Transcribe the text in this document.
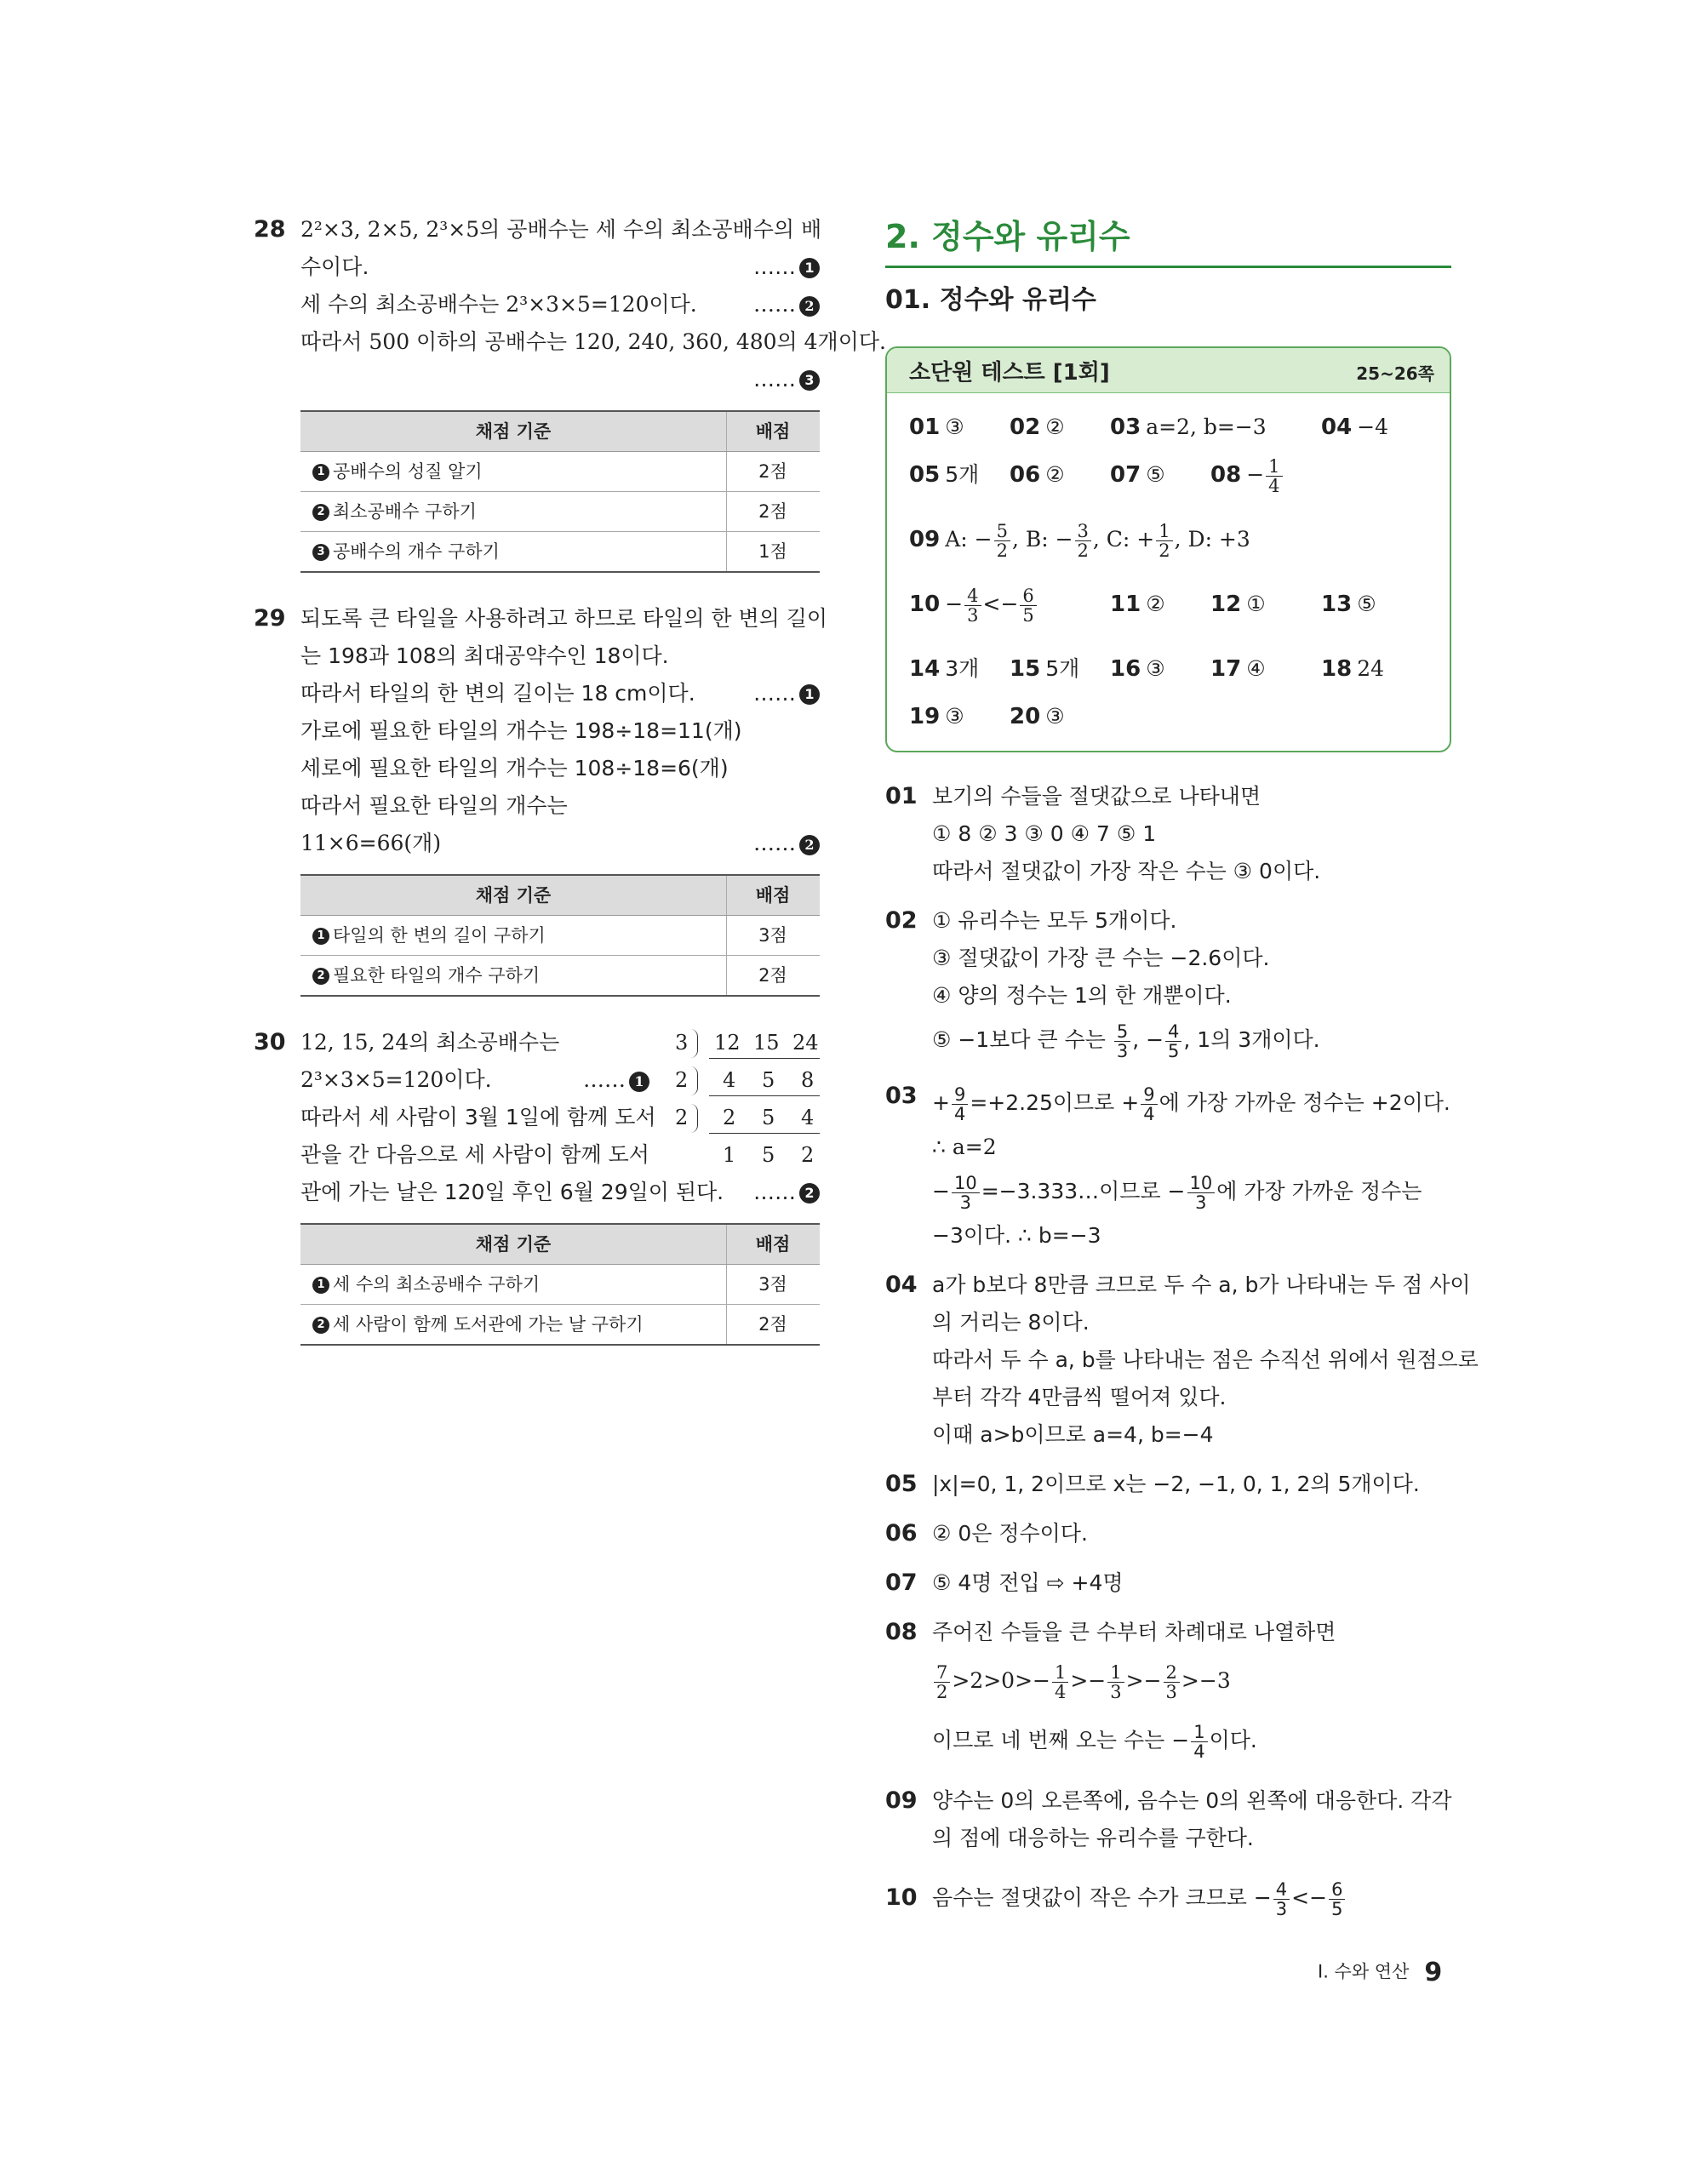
28 2²×3, 2×5, 2³×5의 공배수는 세 수의 최소공배수의 배
수이다.	…… 1
세 수의 최소공배수는 2³×3×5=120이다.	…… 2
따라서 500 이하의 공배수는 120, 240, 360, 480의 4개이다.
…… 3
채점 기준	배점
1 공배수의 성질 알기	2점
2 최소공배수 구하기	2점
3 공배수의 개수 구하기	1점
29 되도록 큰 타일을 사용하려고 하므로 타일의 한 변의 길이
는 198과 108의 최대공약수인 18이다.
따라서 타일의 한 변의 길이는 18 cm이다.	…… 1
가로에 필요한 타일의 개수는 198÷18=11(개)
세로에 필요한 타일의 개수는 108÷18=6(개)
따라서 필요한 타일의 개수는
11×6=66(개)	…… 2
채점 기준	배점
1 타일의 한 변의 길이 구하기	3점
2 필요한 타일의 개수 구하기	2점
30	3 12 15 24
2 4 5 8
2 2 5 4
1 5 2
12, 15, 24의 최소공배수는
2³×3×5=120이다.	…… 1
따라서 세 사람이 3월 1일에 함께 도서
관을 간 다음으로 세 사람이 함께 도서
관에 가는 날은 120일 후인 6월 29일이 된다. …… 2
채점 기준	배점
1 세 수의 최소공배수 구하기	3점
2 세 사람이 함께 도서관에 가는 날 구하기	2점
2. 정수와 유리수
01. 정수와 유리수
소단원 테스트 [1회]	25~26쪽
01 ③ 02 ② 03 a=2, b=−3 04 −4
05 5개 06 ② 07 ⑤ $08 - \frac{1}{4}$
09 A: − $\frac{5}{2}$ , B: − $\frac{3}{2}$ , C: + $\frac{1}{2}$ , D: +3
$10 - \frac{4}{3} <- \frac{6}{5}$	11 ② 12 ①	13 ⑤
14 3개 15 5개 16 ③ 17 ④	18 24
19 ③ 20 ③
01 보기의 수들을 절댓값으로 나타내면
① 8 ② 3 ③ 0 ④ 7 ⑤ 1
따라서 절댓값이 가장 작은 수는 ③ 0이다.
02 ① 유리수는 모두 5개이다.
③ 절댓값이 가장 큰 수는 −2.6이다.
④ 양의 정수는 1의 한 개뿐이다.
⑤ −1보다 큰 수는 $\frac{5}{3}$ , − $\frac{4}{5}$ , 1의 3개이다.
$03 + \frac{9}{4} =+2.25$이므로 + $\frac{9}{4}$ 에 가장 가까운 정수는 +2이다.
∴ a=2
− $\frac{10}{3}$ =−3.333…이므로 − $\frac{10}{3}$ 에 가장 가까운 정수는
−3이다. ∴ b=−3
04 a가 b보다 8만큼 크므로 두 수 a, b가 나타내는 두 점 사이
의 거리는 8이다.
따라서 두 수 a, b를 나타내는 점은 수직선 위에서 원점으로
부터 각각 4만큼씩 떨어져 있다.
이때 a>b이므로 a=4, b=−4
05 |x|=0, 1, 2이므로 x는 −2, −1, 0, 1, 2의 5개이다.
06 ② 0은 정수이다.
07 ⑤ 4명 전입 ⇨ +4명
08 주어진 수들을 큰 수부터 차례대로 나열하면
$\frac{7}{2} >2>0>- \frac{1}{4} >- \frac{1}{3} >- \frac{2}{3} >-3$
이므로 네 번째 오는 수는 − $\frac{1}{4}$ 이다.
09 양수는 0의 오른쪽에, 음수는 0의 왼쪽에 대응한다. 각각
의 점에 대응하는 유리수를 구한다.
10 음수는 절댓값이 작은 수가 크므로 − $\frac{4}{3} <- \frac{6}{5}$
I. 수와 연산 9
